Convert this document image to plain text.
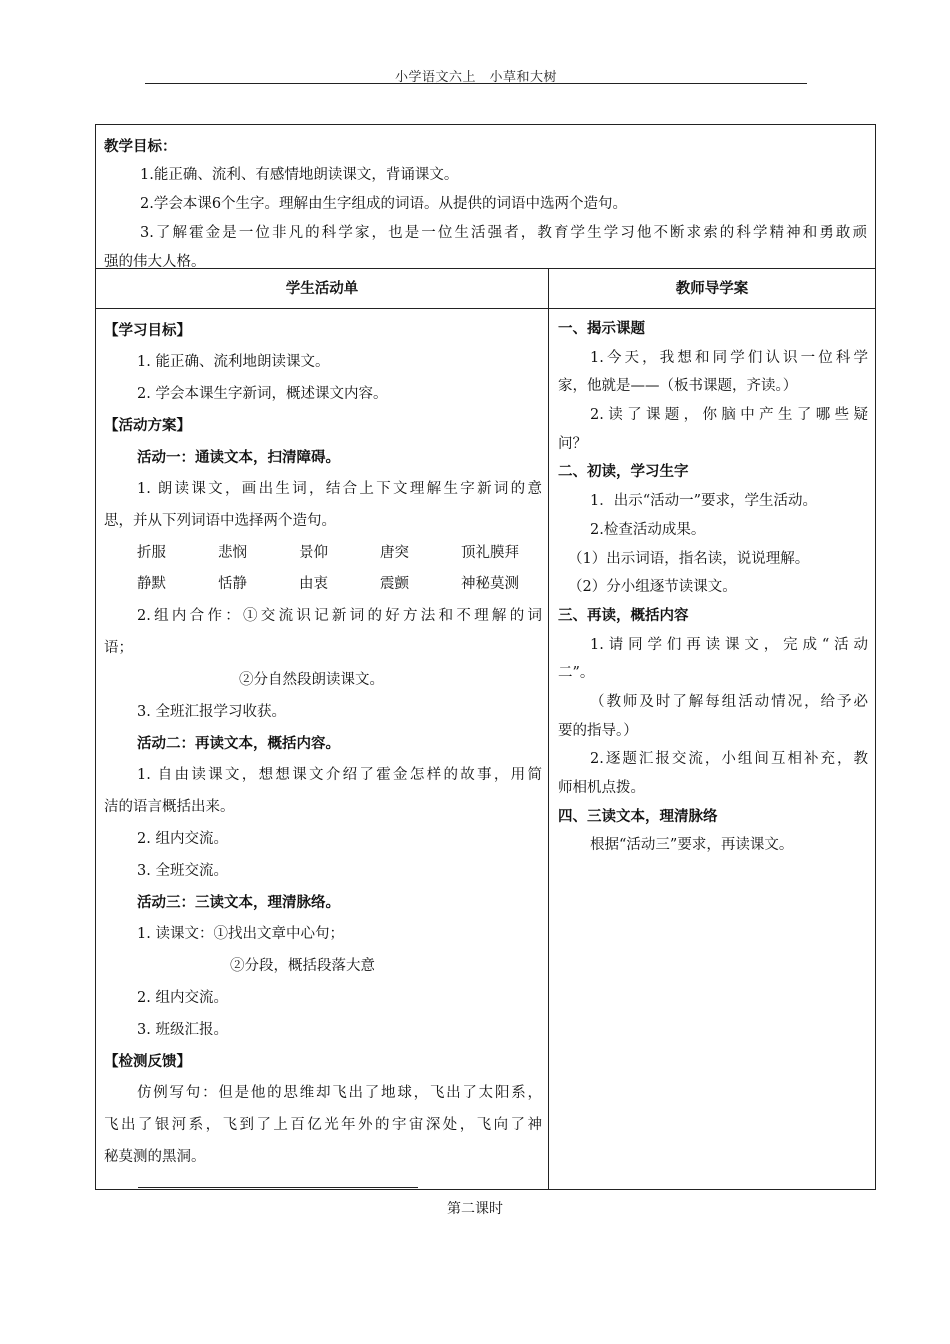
小学语文六上　小草和大树
教学目标：
1.能正确、流利、有感情地朗读课文，背诵课文。
2.学会本课6个生字。理解由生字组成的词语。从提供的词语中选两个造句。
3.了解霍金是一位非凡的科学家，也是一位生活强者，教育学生学习他不断求索的科学精神和勇敢顽
强的伟大人格。
学生活动单	教师导学案
【学习目标】
1. 能正确、流利地朗读课文。
2. 学会本课生字新词，概述课文内容。
【活动方案】
活动一：通读文本，扫清障碍。
1. 朗读课文，画出生词，结合上下文理解生字新词的意
思，并从下列词语中选择两个造句。
折服	悲悯	景仰	唐突	顶礼膜拜
静默	恬静	由衷	震颤	神秘莫测
2.组内合作：①交流识记新词的好方法和不理解的词
语；
②分自然段朗读课文。
3. 全班汇报学习收获。
活动二：再读文本，概括内容。
1. 自由读课文，想想课文介绍了霍金怎样的故事，用简
洁的语言概括出来。
2. 组内交流。
3. 全班交流。
活动三：三读文本，理清脉络。
1. 读课文：①找出文章中心句；
②分段，概括段落大意
2. 组内交流。
3. 班级汇报。
【检测反馈】
仿例写句：但是他的思维却飞出了地球，飞出了太阳系，
飞出了银河系，飞到了上百亿光年外的宇宙深处，飞向了神
秘莫测的黑洞。
一、揭示课题
1.今天，我想和同学们认识一位科学
家，他就是——（板书课题，齐读。）
2.读了课题，你脑中产生了哪些疑
问？
二、初读，学习生字
1．出示“活动一”要求，学生活动。
2.检查活动成果。
（1）出示词语，指名读，说说理解。
（2）分小组逐节读课文。
三、再读，概括内容
1.请同学们再读课文，完成“活动
二”。
（教师及时了解每组活动情况，给予必
要的指导。）
2.逐题汇报交流，小组间互相补充，教
师相机点拨。
四、三读文本，理清脉络
根据“活动三”要求，再读课文。
第二课时
